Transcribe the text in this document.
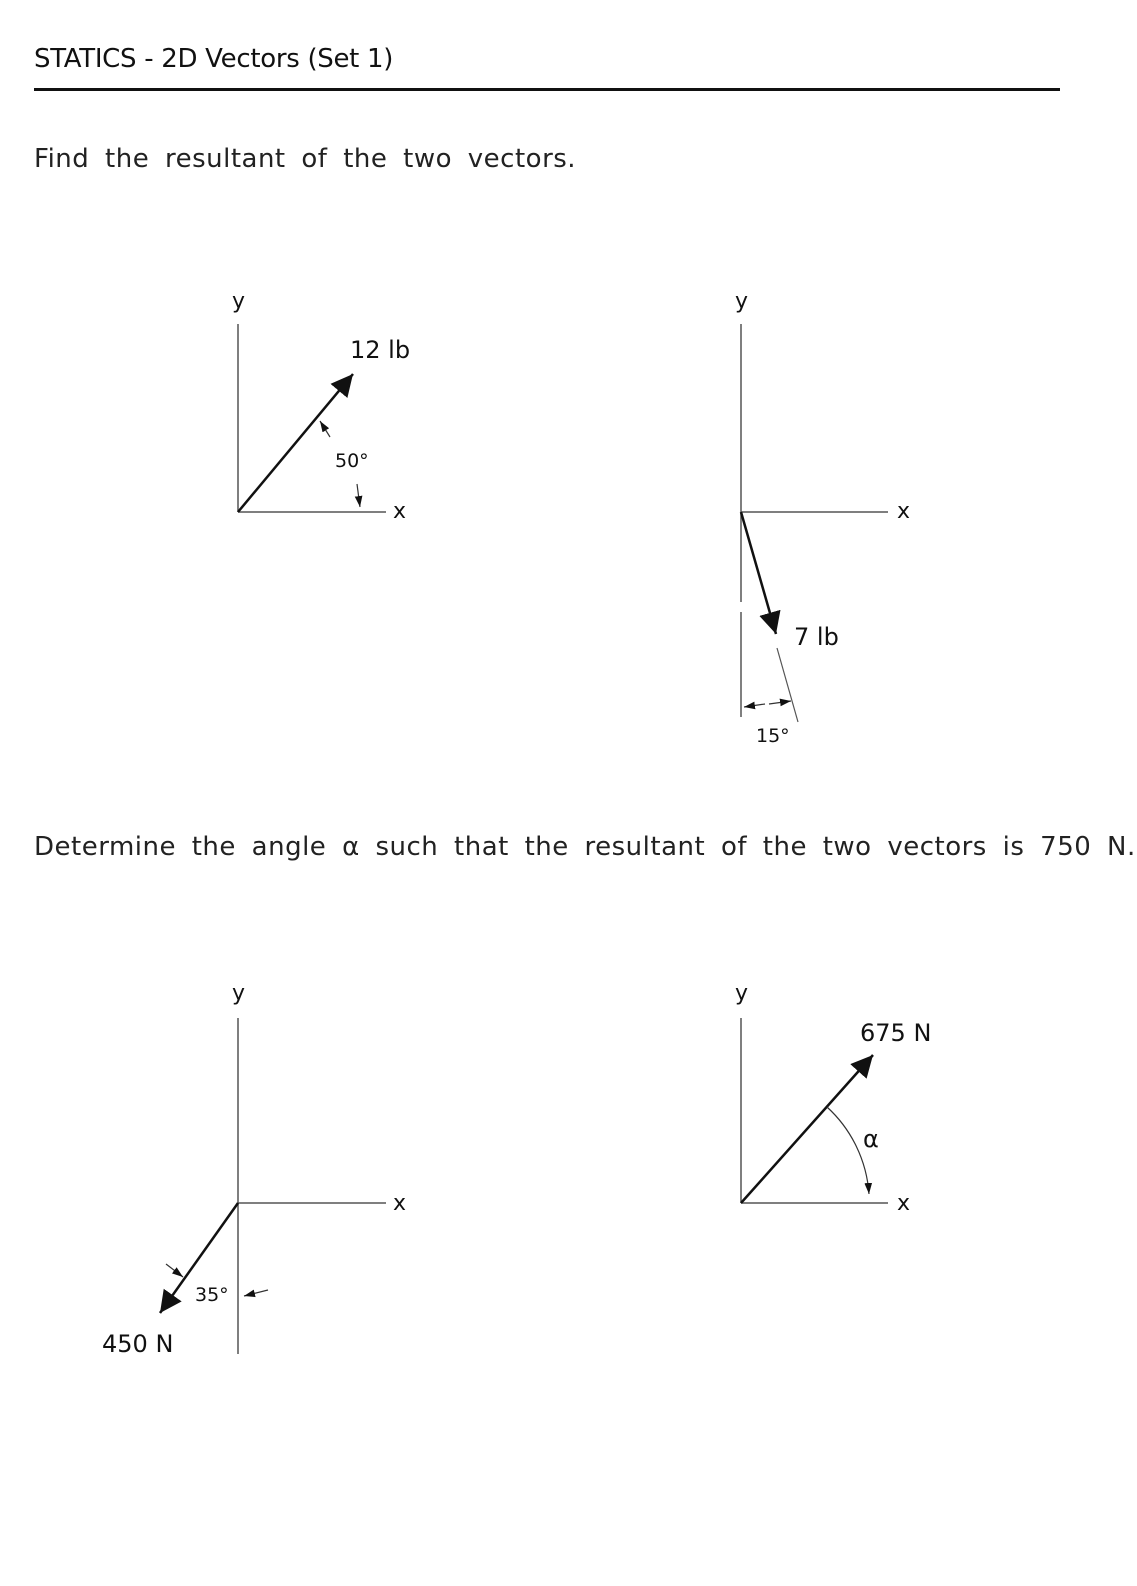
STATICS - 2D Vectors (Set 1)
Find the resultant of the two vectors.
Determine the angle α such that the resultant of the two vectors is 750 N.
y
x
12 lb
50°
y
x
7 lb
15°
y
x
450 N
35°
y
x
675 N
α
